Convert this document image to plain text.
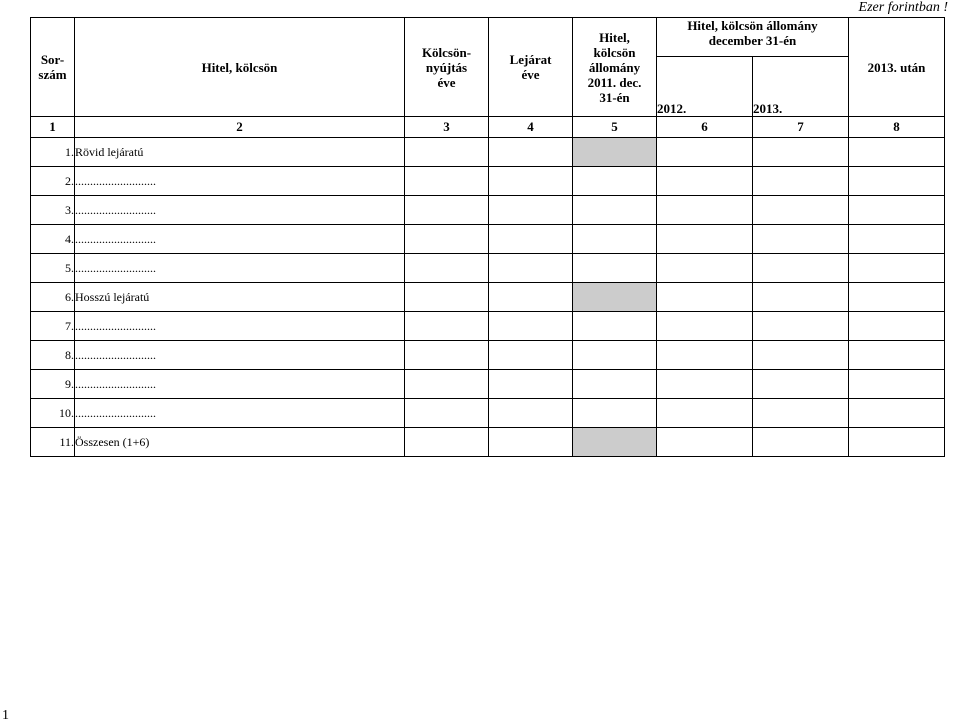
Ezer forintban !
Sor-
szám	Hitel, kölcsön	Kölcsön-
nyújtás
éve	Lejárat
éve	Hitel,
kölcsön
állomány
2011. dec.
31-én	Hitel, kölcsön állomány
december 31-én		2013. után
					2012.	2013.	
1	2	3	4	5	6	7	8
1.	Rövid lejáratú						
2.	...........................						
3.	...........................						
4.	...........................						
5.	...........................						
6.	Hosszú lejáratú						
7.	...........................						
8.	...........................						
9.	...........................						
10.	...........................						
11.	Összesen (1+6)						
1
